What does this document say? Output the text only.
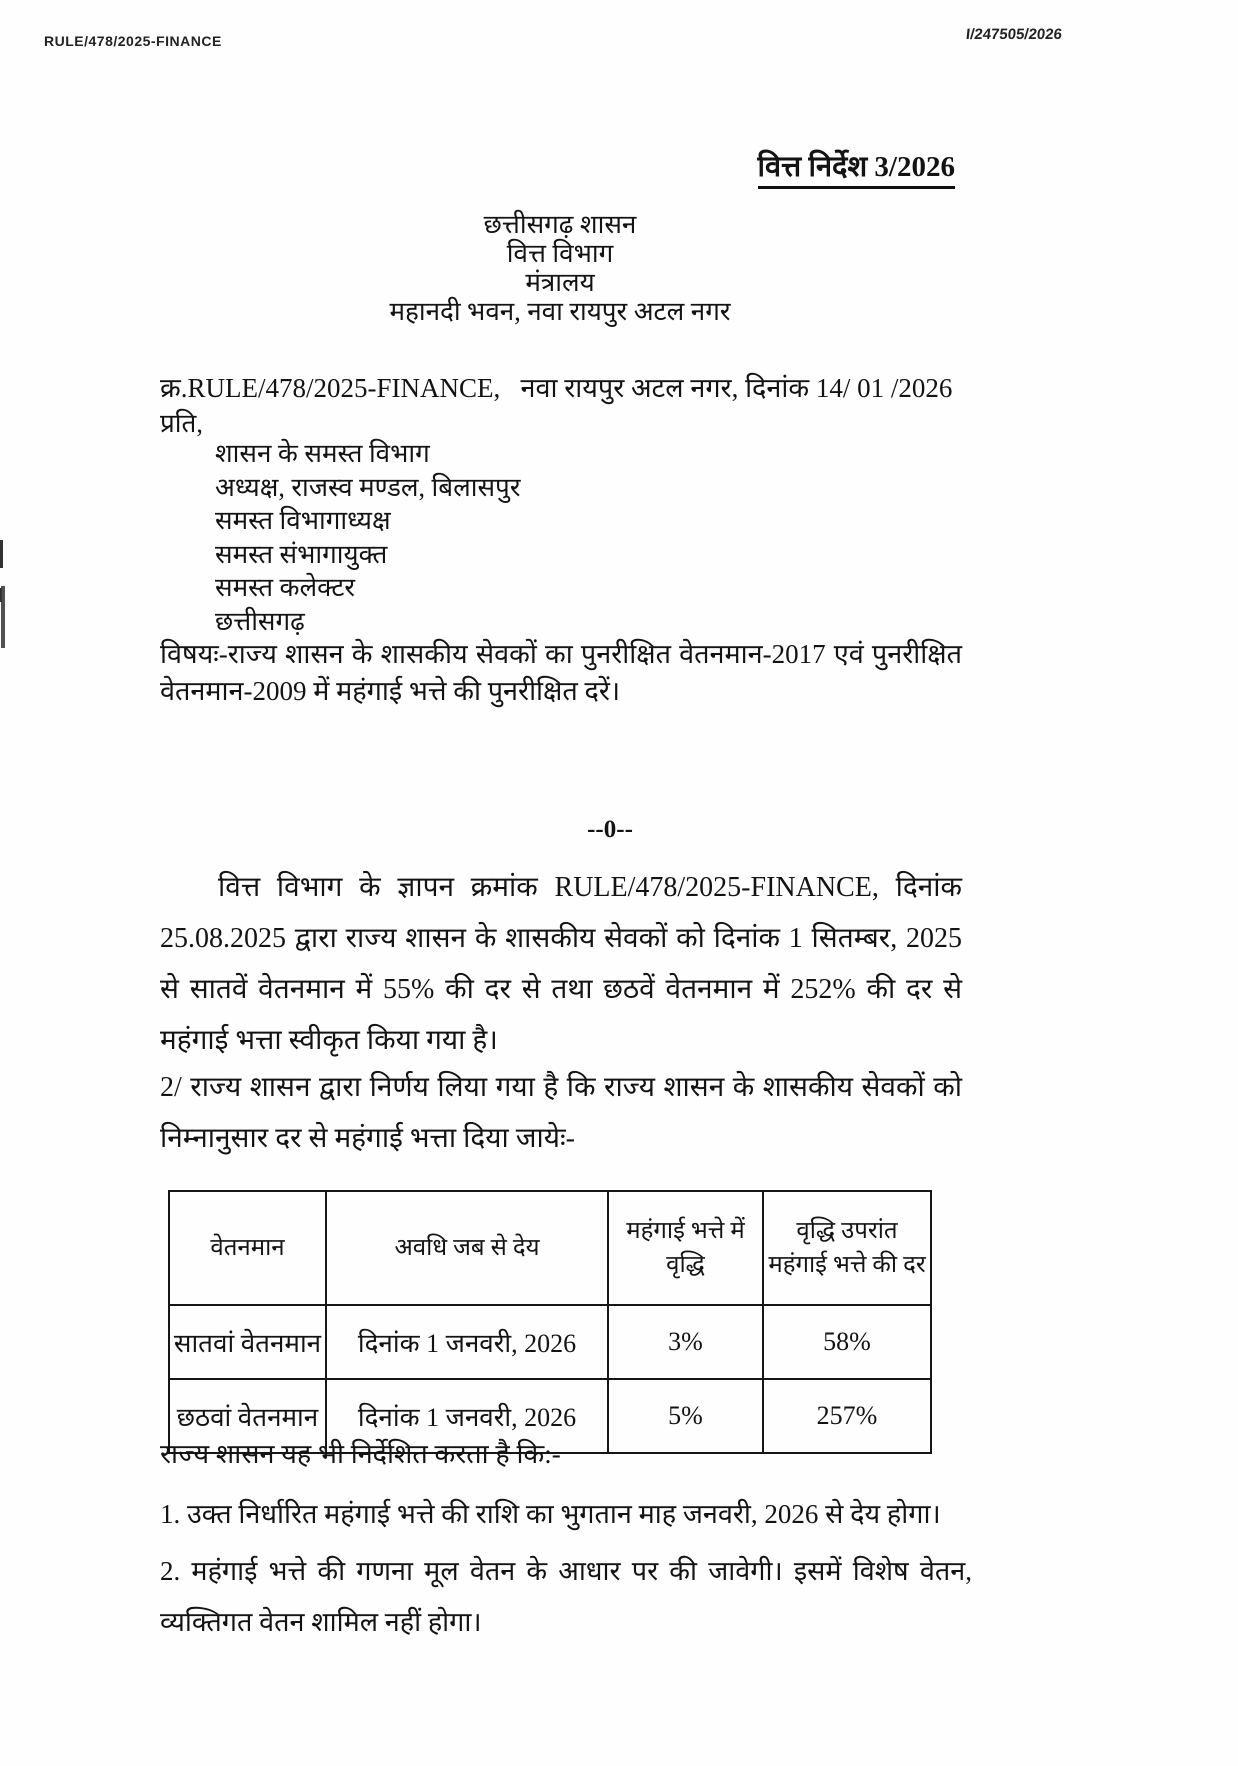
RULE/478/2025-FINANCE	I/247505/2026
वित्त निर्देश 3/2026
छत्तीसगढ़ शासन
वित्त विभाग
मंत्रालय
महानदी भवन, नवा रायपुर अटल नगर
क्र.RULE/478/2025-FINANCE,   नवा रायपुर अटल नगर, दिनांक 14/ 01 /2026
प्रति,
शासन के समस्त विभाग
अध्यक्ष, राजस्व मण्डल, बिलासपुर
समस्त विभागाध्यक्ष
समस्त संभागायुक्त
समस्त कलेक्टर
छत्तीसगढ़
विषयः-राज्य शासन के शासकीय सेवकों का पुनरीक्षित वेतनमान-2017 एवं पुनरीक्षित वेतनमान-2009 में महंगाई भत्ते की पुनरीक्षित दरें।
--0--
वित्त विभाग के ज्ञापन क्रमांक RULE/478/2025-FINANCE, दिनांक 25.08.2025 द्वारा राज्य शासन के शासकीय सेवकों को दिनांक 1 सितम्बर, 2025 से सातवें वेतनमान में 55% की दर से तथा छठवें वेतनमान में 252% की दर से महंगाई भत्ता स्वीकृत किया गया है।
2/ राज्य शासन द्वारा निर्णय लिया गया है कि राज्य शासन के शासकीय सेवकों को निम्नानुसार दर से महंगाई भत्ता दिया जायेः-
वेतनमान	अवधि जब से देय	महंगाई भत्ते में वृद्धि	वृद्धि उपरांत महंगाई भत्ते की दर
सातवां वेतनमान	दिनांक 1 जनवरी, 2026	3%	58%
छठवां वेतनमान	दिनांक 1 जनवरी, 2026	5%	257%
राज्य शासन यह भी निर्देशित करता है कि:-
1. उक्त निर्धारित महंगाई भत्ते की राशि का भुगतान माह जनवरी, 2026 से देय होगा।
2. महंगाई भत्ते की गणना मूल वेतन के आधार पर की जावेगी। इसमें विशेष वेतन, व्यक्तिगत वेतन शामिल नहीं होगा।
